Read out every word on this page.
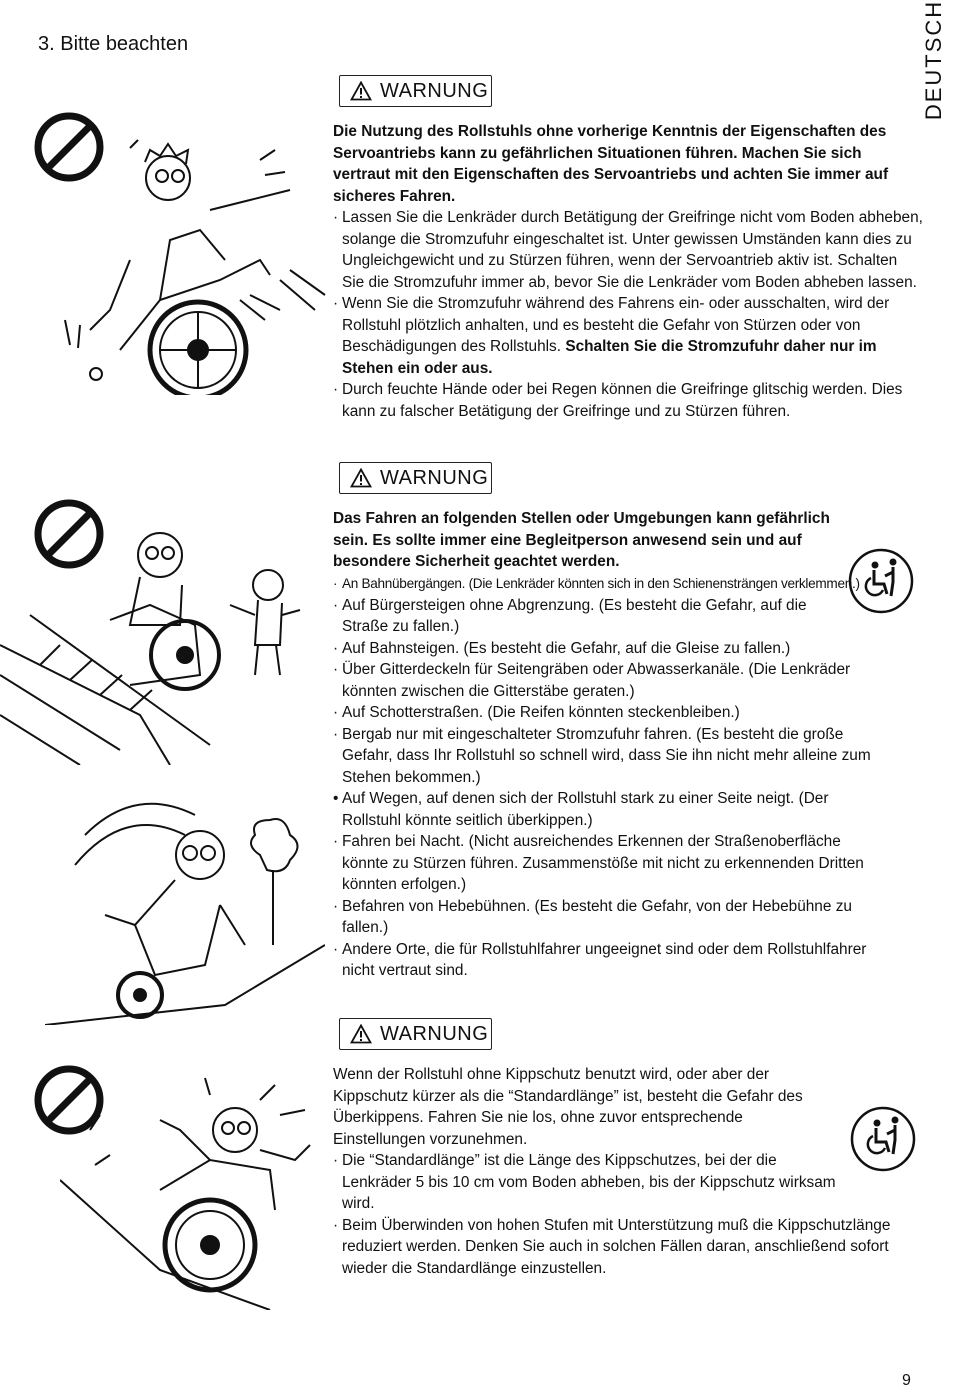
3. Bitte beachten	DEUTSCH
WARNUNG

Die Nutzung des Rollstuhls ohne vorherige Kenntnis der Eigenschaften des Servoantriebs kann zu gefährlichen Situationen führen. Machen Sie sich vertraut mit den Eigenschaften des Servoantriebs und achten Sie immer auf sicheres Fahren.

· Lassen Sie die Lenkräder durch Betätigung der Greifringe nicht vom Boden abheben, solange die Stromzufuhr eingeschaltet ist. Unter gewissen Umständen kann dies zu Ungleichgewicht und zu Stürzen führen, wenn der Servoantrieb aktiv ist. Schalten Sie die Stromzufuhr immer ab, bevor Sie die Lenkräder vom Boden abheben lassen.

· Wenn Sie die Stromzufuhr während des Fahrens ein- oder ausschalten, wird der Rollstuhl plötzlich anhalten, und es besteht die Gefahr von Stürzen oder von Beschädigungen des Rollstuhls. Schalten Sie die Stromzufuhr daher nur im Stehen ein oder aus.

· Durch feuchte Hände oder bei Regen können die Greifringe glitschig werden. Dies kann zu falscher Betätigung der Greifringe und zu Stürzen führen.

WARNUNG

Das Fahren an folgenden Stellen oder Umgebungen kann gefährlich sein. Es sollte immer eine Begleitperson anwesend sein und auf besondere Sicherheit geachtet werden.

· An Bahnübergängen. (Die Lenkräder könnten sich in den Schienensträngen verklemmen.)

· Auf Bürgersteigen ohne Abgrenzung. (Es besteht die Gefahr, auf die Straße zu fallen.)

· Auf Bahnsteigen. (Es besteht die Gefahr, auf die Gleise zu fallen.)

· Über Gitterdeckeln für Seitengräben oder Abwasserkanäle. (Die Lenkräder könnten zwischen die Gitterstäbe geraten.)

· Auf Schotterstraßen. (Die Reifen könnten steckenbleiben.)

· Bergab nur mit eingeschalteter Stromzufuhr fahren. (Es besteht die große Gefahr, dass Ihr Rollstuhl so schnell wird, dass Sie ihn nicht mehr alleine zum Stehen bekommen.)

• Auf Wegen, auf denen sich der Rollstuhl stark zu einer Seite neigt. (Der Rollstuhl könnte seitlich überkippen.)

· Fahren bei Nacht. (Nicht ausreichendes Erkennen der Straßenoberfläche könnte zu Stürzen führen. Zusammenstöße mit nicht zu erkennenden Dritten könnten erfolgen.)

· Befahren von Hebebühnen. (Es besteht die Gefahr, von der Hebebühne zu fallen.)

· Andere Orte, die für Rollstuhlfahrer ungeeignet sind oder dem Rollstuhlfahrer nicht vertraut sind.

WARNUNG

Wenn der Rollstuhl ohne Kippschutz benutzt wird, oder aber der Kippschutz kürzer als die “Standardlänge” ist, besteht die Gefahr des Überkippens. Fahren Sie nie los, ohne zuvor entsprechende Einstellungen vorzunehmen.

· Die “Standardlänge” ist die Länge des Kippschutzes, bei der die Lenkräder 5 bis 10 cm vom Boden abheben, bis der Kippschutz wirksam wird.

· Beim Überwinden von hohen Stufen mit Unterstützung muß die Kippschutzlänge reduziert werden. Denken Sie auch in solchen Fällen daran, anschließend sofort wieder die Standardlänge einzustellen.

9
